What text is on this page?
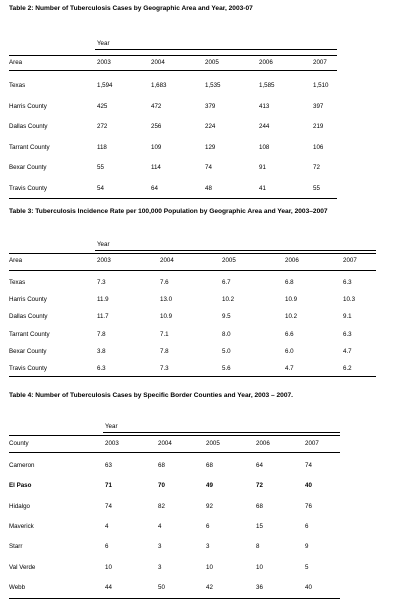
Table 2: Number of Tuberculosis Cases by Geographic Area and Year, 2003-07
Year
Area	2003	2004	2005	2006	2007
Texas	1,594	1,683	1,535	1,585	1,510
Harris County	425	472	379	413	397
Dallas County	272	256	224	244	219
Tarrant County	118	109	129	108	106
Bexar County	55	114	74	91	72
Travis County	54	64	48	41	55
Table 3: Tuberculosis Incidence Rate per 100,000 Population by Geographic Area and Year, 2003–2007
Year
Area	2003	2004	2005	2006	2007
Texas	7.3	7.6	6.7	6.8	6.3
Harris County	11.9	13.0	10.2	10.9	10.3
Dallas County	11.7	10.9	9.5	10.2	9.1
Tarrant County	7.8	7.1	8.0	6.6	6.3
Bexar County	3.8	7.8	5.0	6.0	4.7
Travis County	6.3	7.3	5.6	4.7	6.2
Table 4: Number of Tuberculosis Cases by Specific Border Counties and Year, 2003 – 2007.
Year
County	2003	2004	2005	2006	2007
Cameron	63	68	68	64	74
El Paso	71	70	49	72	40
Hidalgo	74	82	92	68	76
Maverick	4	4	6	15	6
Starr	6	3	3	8	9
Val Verde	10	3	10	10	5
Webb	44	50	42	36	40
